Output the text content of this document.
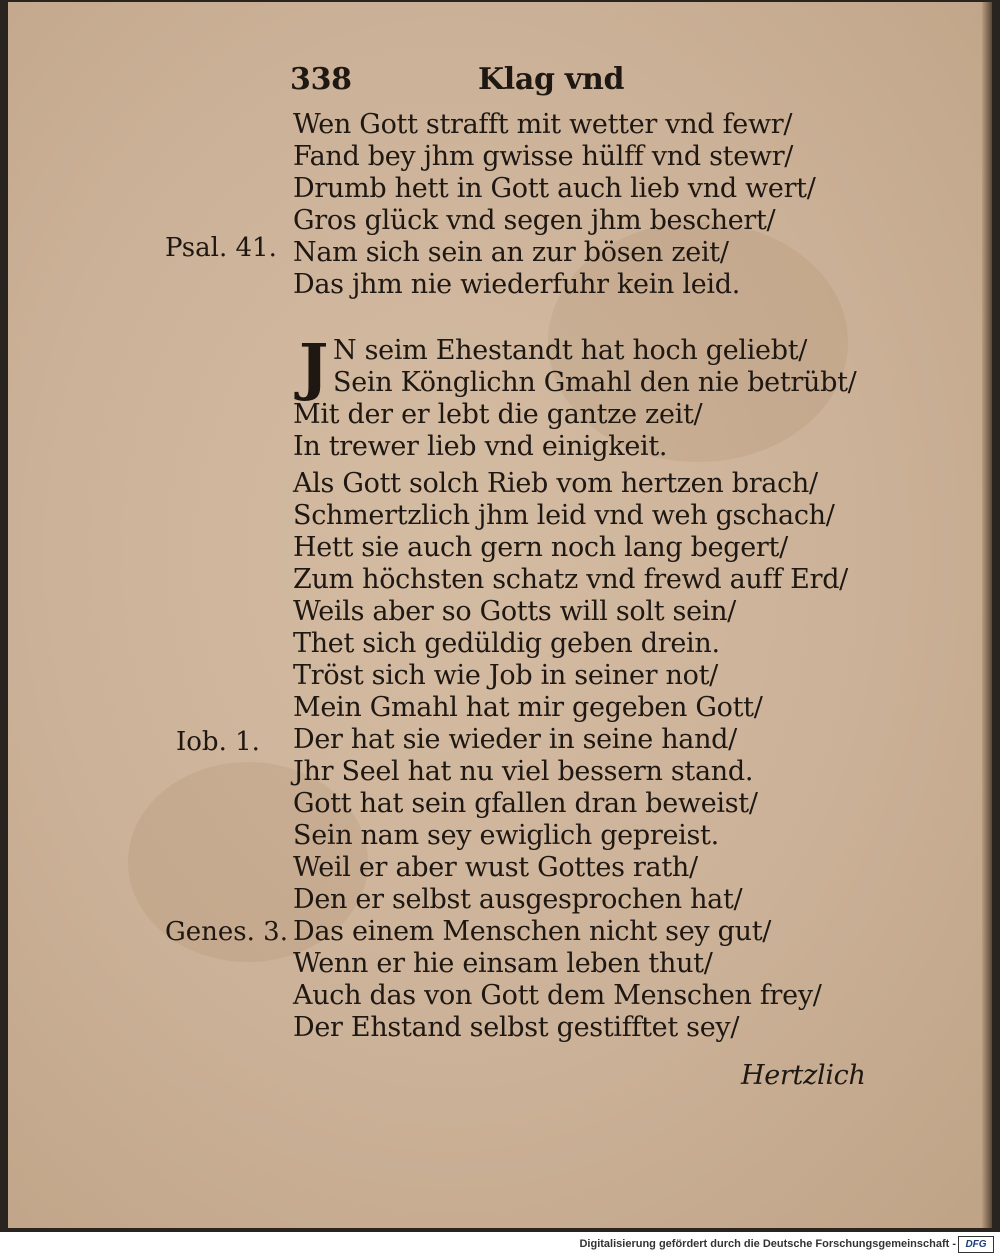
338	Klag vnd
Wen Gott strafft mit wetter vnd fewr/
Fand bey jhm gwisse hülff vnd stewr/
Drumb hett in Gott auch lieb vnd wert/
Gros glück vnd segen jhm beschert/
Nam sich sein an zur bösen zeit/
Das jhm nie wiederfuhr kein leid.
J N seim Ehestandt hat hoch geliebt/
Sein Könglichn Gmahl den nie betrübt/
Mit der er lebt die gantze zeit/
In trewer lieb vnd einigkeit.
Als Gott solch Rieb vom hertzen brach/
Schmertzlich jhm leid vnd weh gschach/
Hett sie auch gern noch lang begert/
Zum höchsten schatz vnd frewd auff Erd/
Weils aber so Gotts will solt sein/
Thet sich gedüldig geben drein.
Tröst sich wie Job in seiner not/
Mein Gmahl hat mir gegeben Gott/
Der hat sie wieder in seine hand/
Jhr Seel hat nu viel bessern stand.
Gott hat sein gfallen dran beweist/
Sein nam sey ewiglich gepreist.
Weil er aber wust Gottes rath/
Den er selbst ausgesprochen hat/
Das einem Menschen nicht sey gut/
Wenn er hie einsam leben thut/
Auch das von Gott dem Menschen frey/
Der Ehstand selbst gestifftet sey/
Psal. 41.
Iob. 1.
Genes. 3.
Hertzlich
Digitalisierung gefördert durch die Deutsche Forschungsgemeinschaft - DFG
